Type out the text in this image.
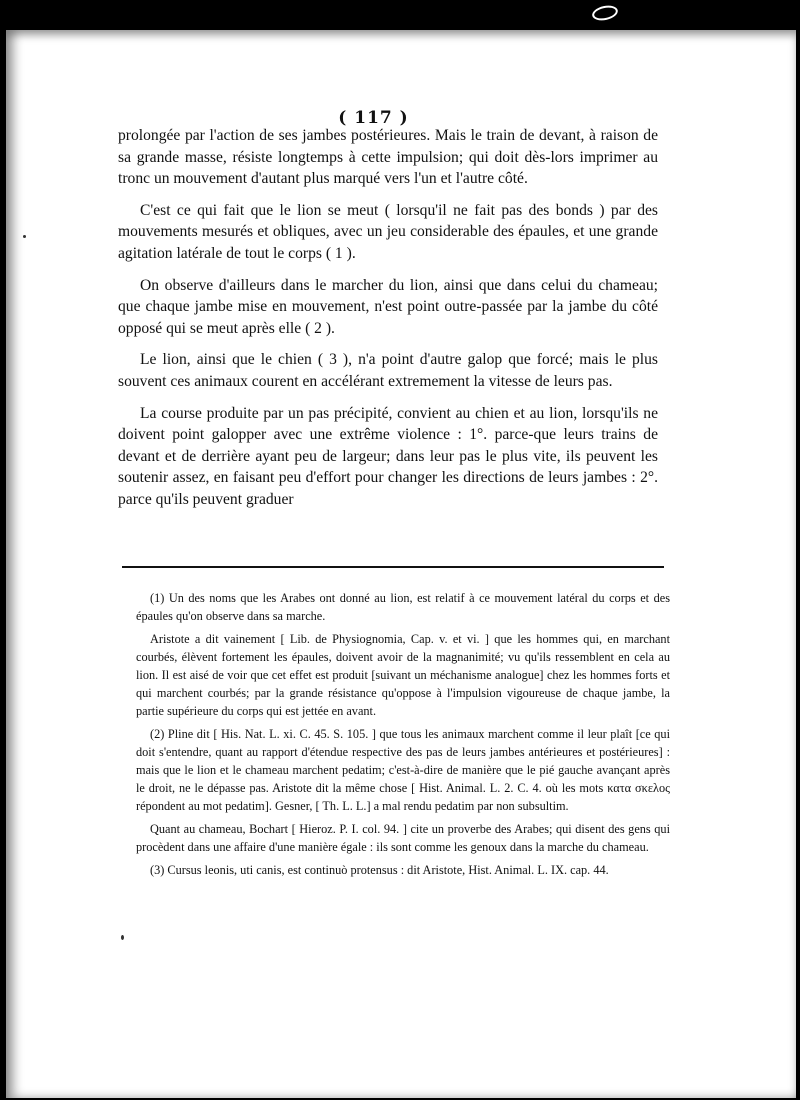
( 117 )

prolongée par l'action de ses jambes postérieures. Mais le train de devant, à raison de sa grande masse, résiste longtemps à cette impulsion; qui doit dès-lors imprimer au tronc un mouvement d'autant plus marqué vers l'un et l'autre côté.

C'est ce qui fait que le lion se meut ( lorsqu'il ne fait pas des bonds ) par des mouvements mesurés et obliques, avec un jeu considerable des épaules, et une grande agitation latérale de tout le corps ( 1 ).

On observe d'ailleurs dans le marcher du lion, ainsi que dans celui du chameau; que chaque jambe mise en mouvement, n'est point outre-passée par la jambe du côté opposé qui se meut après elle ( 2 ).

Le lion, ainsi que le chien ( 3 ), n'a point d'autre galop que forcé; mais le plus souvent ces animaux courent en accélérant extremement la vitesse de leurs pas.

La course produite par un pas précipité, convient au chien et au lion, lorsqu'ils ne doivent point galopper avec une extrême violence : 1°. parce-que leurs trains de devant et de derrière ayant peu de largeur; dans leur pas le plus vite, ils peuvent les soutenir assez, en faisant peu d'effort pour changer les directions de leurs jambes : 2°. parce qu'ils peuvent graduer

(1) Un des noms que les Arabes ont donné au lion, est relatif à ce mouvement latéral du corps et des épaules qu'on observe dans sa marche.

Aristote a dit vainement [ Lib. de Physiognomia, Cap. v. et vi. ] que les hommes qui, en marchant courbés, élèvent fortement les épaules, doivent avoir de la magnanimité; vu qu'ils ressemblent en cela au lion. Il est aisé de voir que cet effet est produit [suivant un méchanisme analogue] chez les hommes forts et qui marchent courbés; par la grande résistance qu'oppose à l'impulsion vigoureuse de chaque jambe, la partie supérieure du corps qui est jettée en avant.

(2) Pline dit [ His. Nat. L. xi. C. 45. S. 105. ] que tous les animaux marchent comme il leur plaît [ce qui doit s'entendre, quant au rapport d'étendue respective des pas de leurs jambes antérieures et postérieures] : mais que le lion et le chameau marchent pedatim; c'est-à-dire de manière que le pié gauche avançant après le droit, ne le dépasse pas. Aristote dit la même chose [ Hist. Animal. L. 2. C. 4. où les mots κατα σκελος répondent au mot pedatim]. Gesner, [ Th. L. L.] a mal rendu pedatim par non subsultim.

Quant au chameau, Bochart [ Hieroz. P. I. col. 94. ] cite un proverbe des Arabes; qui disent des gens qui procèdent dans une affaire d'une manière égale : ils sont comme les genoux dans la marche du chameau.

(3) Cursus leonis, uti canis, est continuò protensus : dit Aristote, Hist. Animal. L. IX. cap. 44.
